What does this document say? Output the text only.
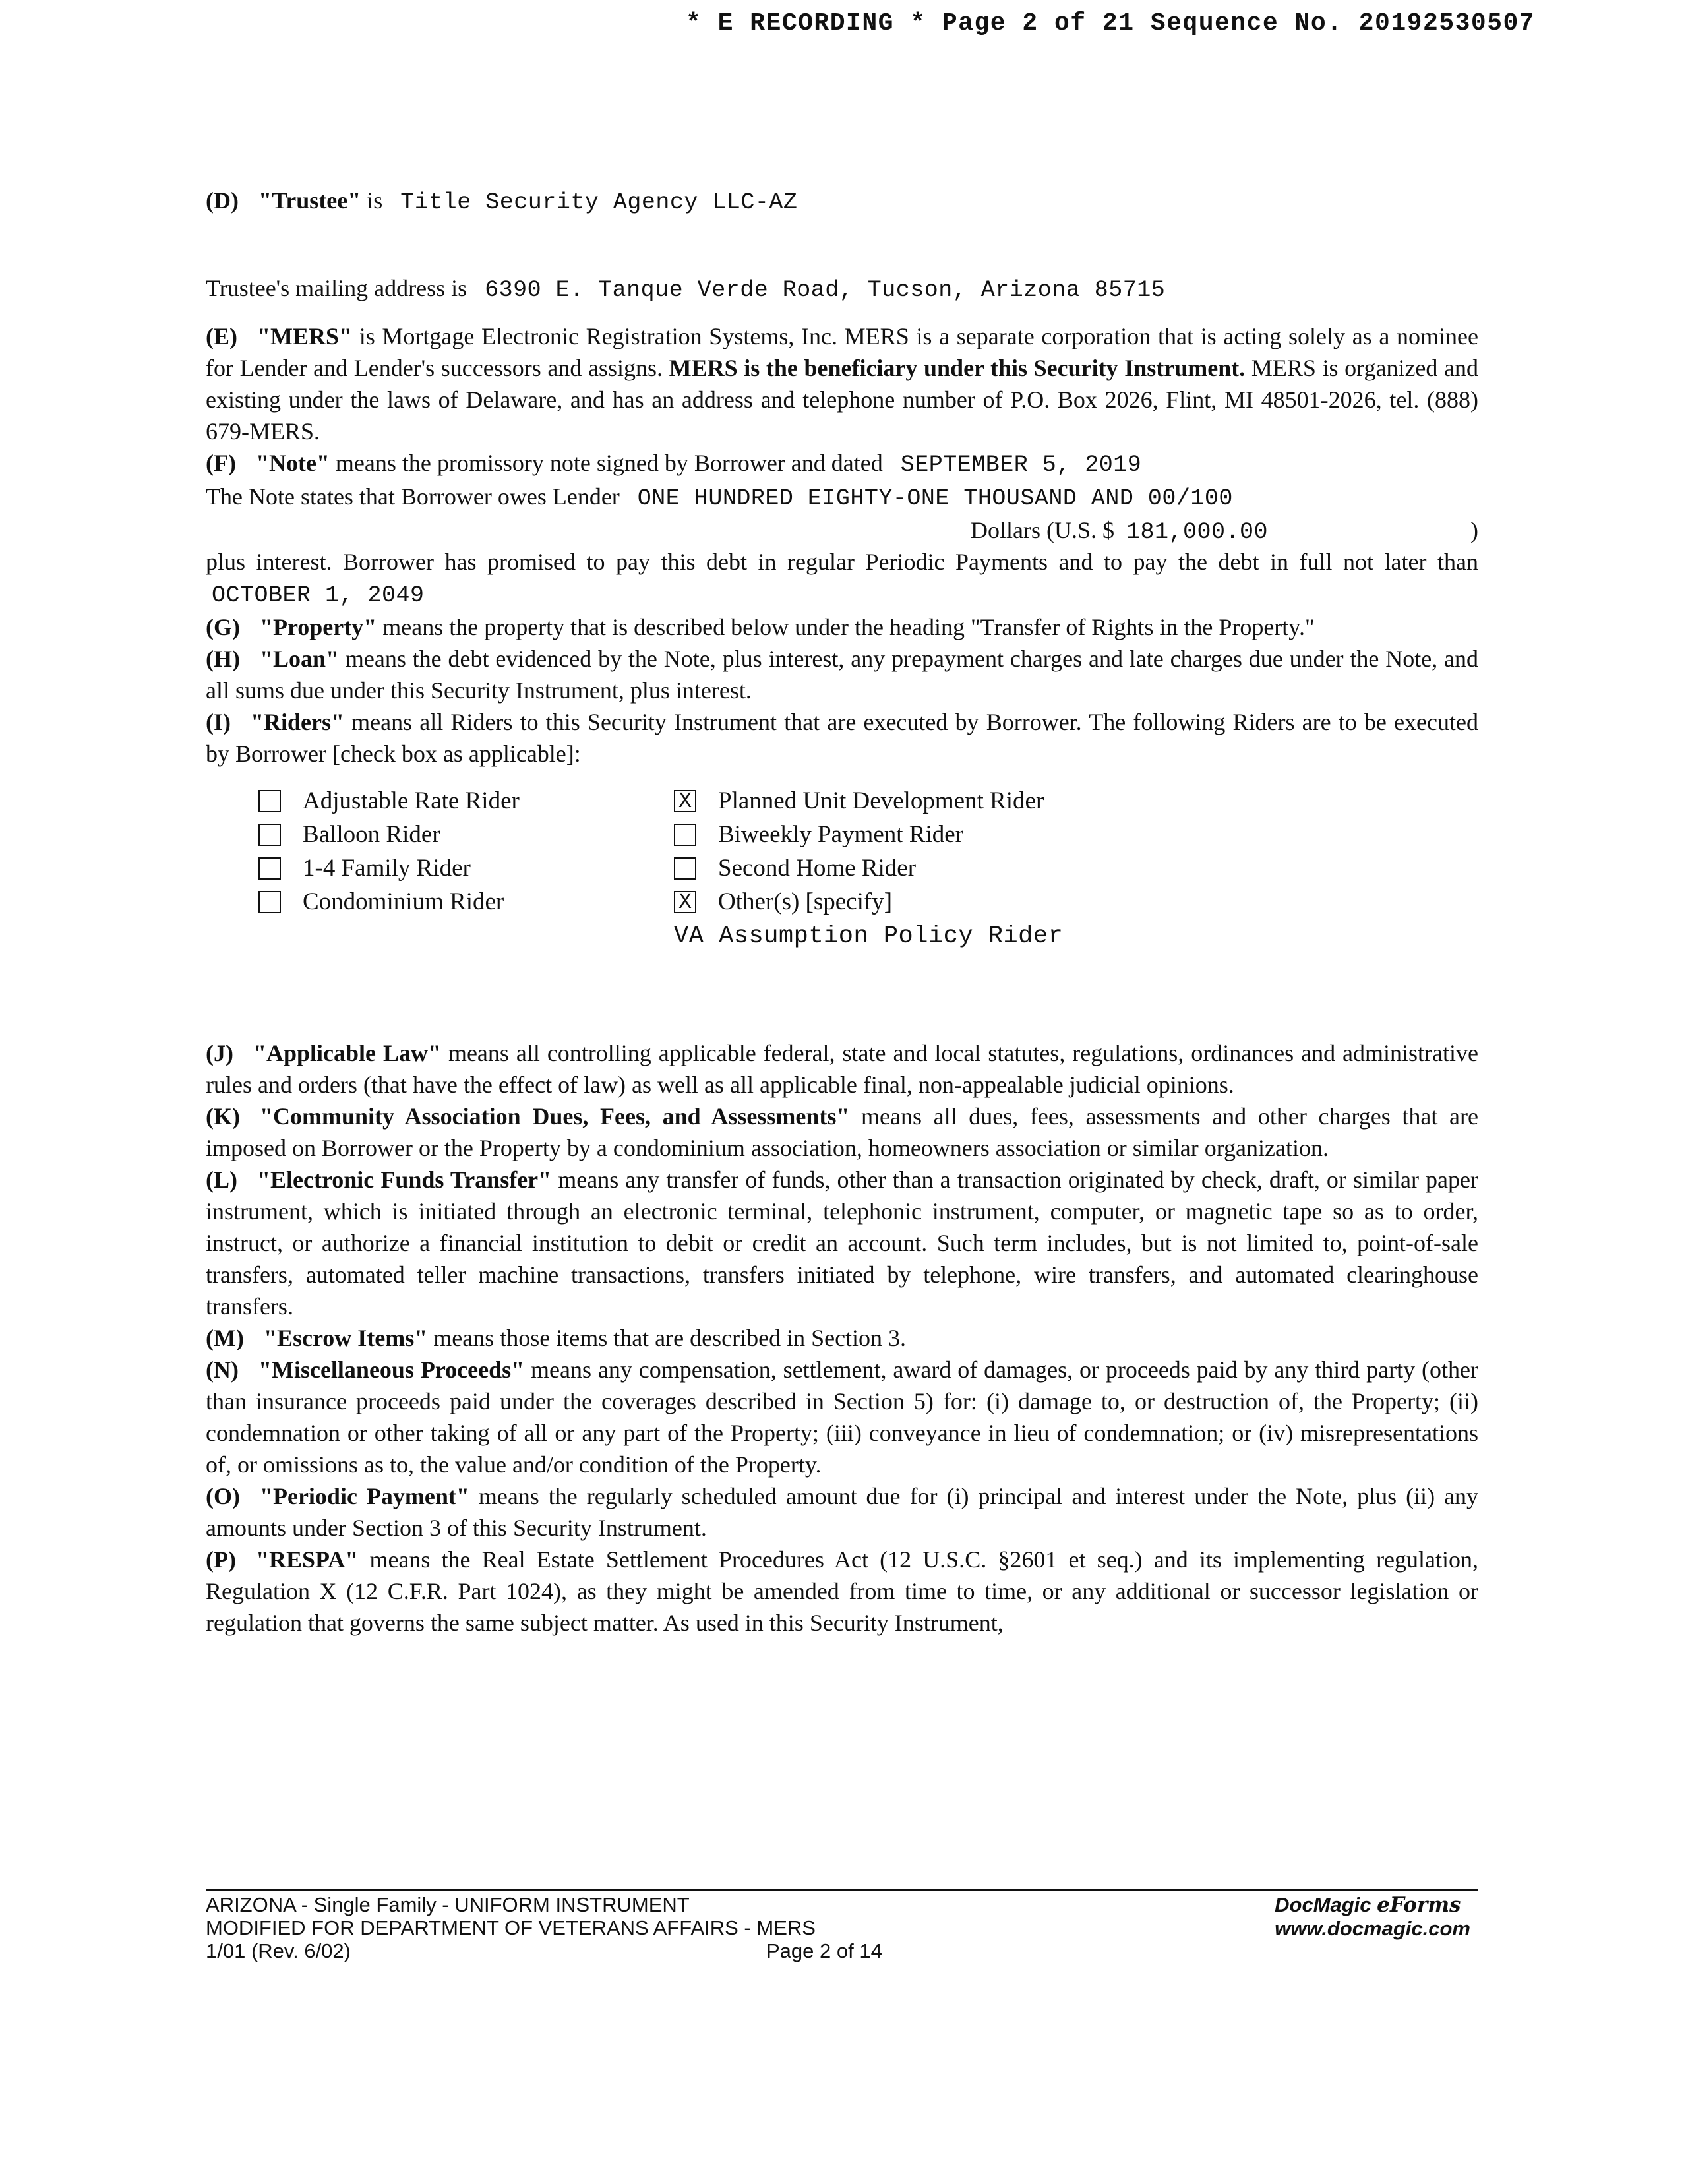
* E RECORDING * Page 2 of 21 Sequence No. 20192530507

(D) "Trustee" is Title Security Agency LLC-AZ

Trustee's mailing address is 6390 E. Tanque Verde Road, Tucson, Arizona 85715

(E) "MERS" is Mortgage Electronic Registration Systems, Inc. MERS is a separate corporation that is acting solely as a nominee for Lender and Lender's successors and assigns. MERS is the beneficiary under this Security Instrument. MERS is organized and existing under the laws of Delaware, and has an address and telephone number of P.O. Box 2026, Flint, MI 48501-2026, tel. (888) 679-MERS.

(F) "Note" means the promissory note signed by Borrower and dated SEPTEMBER 5, 2019
The Note states that Borrower owes Lender ONE HUNDRED EIGHTY-ONE THOUSAND AND 00/100
Dollars (U.S. $ 181,000.00	)

plus interest. Borrower has promised to pay this debt in regular Periodic Payments and to pay the debt in full not later than  OCTOBER 1, 2049

(G) "Property" means the property that is described below under the heading "Transfer of Rights in the Property."

(H) "Loan" means the debt evidenced by the Note, plus interest, any prepayment charges and late charges due under the Note, and all sums due under this Security Instrument, plus interest.

(I) "Riders" means all Riders to this Security Instrument that are executed by Borrower. The following Riders are to be executed by Borrower [check box as applicable]:

Adjustable Rate Rider	X Planned Unit Development Rider
Balloon Rider	Biweekly Payment Rider
1-4 Family Rider	Second Home Rider
Condominium Rider	X Other(s) [specify]
VA Assumption Policy Rider

(J) "Applicable Law" means all controlling applicable federal, state and local statutes, regulations, ordinances and administrative rules and orders (that have the effect of law) as well as all applicable final, non-appealable judicial opinions.

(K) "Community Association Dues, Fees, and Assessments" means all dues, fees, assessments and other charges that are imposed on Borrower or the Property by a condominium association, homeowners association or similar organization.

(L) "Electronic Funds Transfer" means any transfer of funds, other than a transaction originated by check, draft, or similar paper instrument, which is initiated through an electronic terminal, telephonic instrument, computer, or magnetic tape so as to order, instruct, or authorize a financial institution to debit or credit an account. Such term includes, but is not limited to, point-of-sale transfers, automated teller machine transactions, transfers initiated by telephone, wire transfers, and automated clearinghouse transfers.

(M) "Escrow Items" means those items that are described in Section 3.

(N) "Miscellaneous Proceeds" means any compensation, settlement, award of damages, or proceeds paid by any third party (other than insurance proceeds paid under the coverages described in Section 5) for: (i) damage to, or destruction of, the Property; (ii) condemnation or other taking of all or any part of the Property; (iii) conveyance in lieu of condemnation; or (iv) misrepresentations of, or omissions as to, the value and/or condition of the Property.

(O) "Periodic Payment" means the regularly scheduled amount due for (i) principal and interest under the Note, plus (ii) any amounts under Section 3 of this Security Instrument.

(P) "RESPA" means the Real Estate Settlement Procedures Act (12 U.S.C. §2601 et seq.) and its implementing regulation, Regulation X (12 C.F.R. Part 1024), as they might be amended from time to time, or any additional or successor legislation or regulation that governs the same subject matter. As used in this Security Instrument,

ARIZONA - Single Family - UNIFORM INSTRUMENT
MODIFIED FOR DEPARTMENT OF VETERANS AFFAIRS - MERS
1/01 (Rev. 6/02)	Page 2 of 14
DocMagic eForms
www.docmagic.com
